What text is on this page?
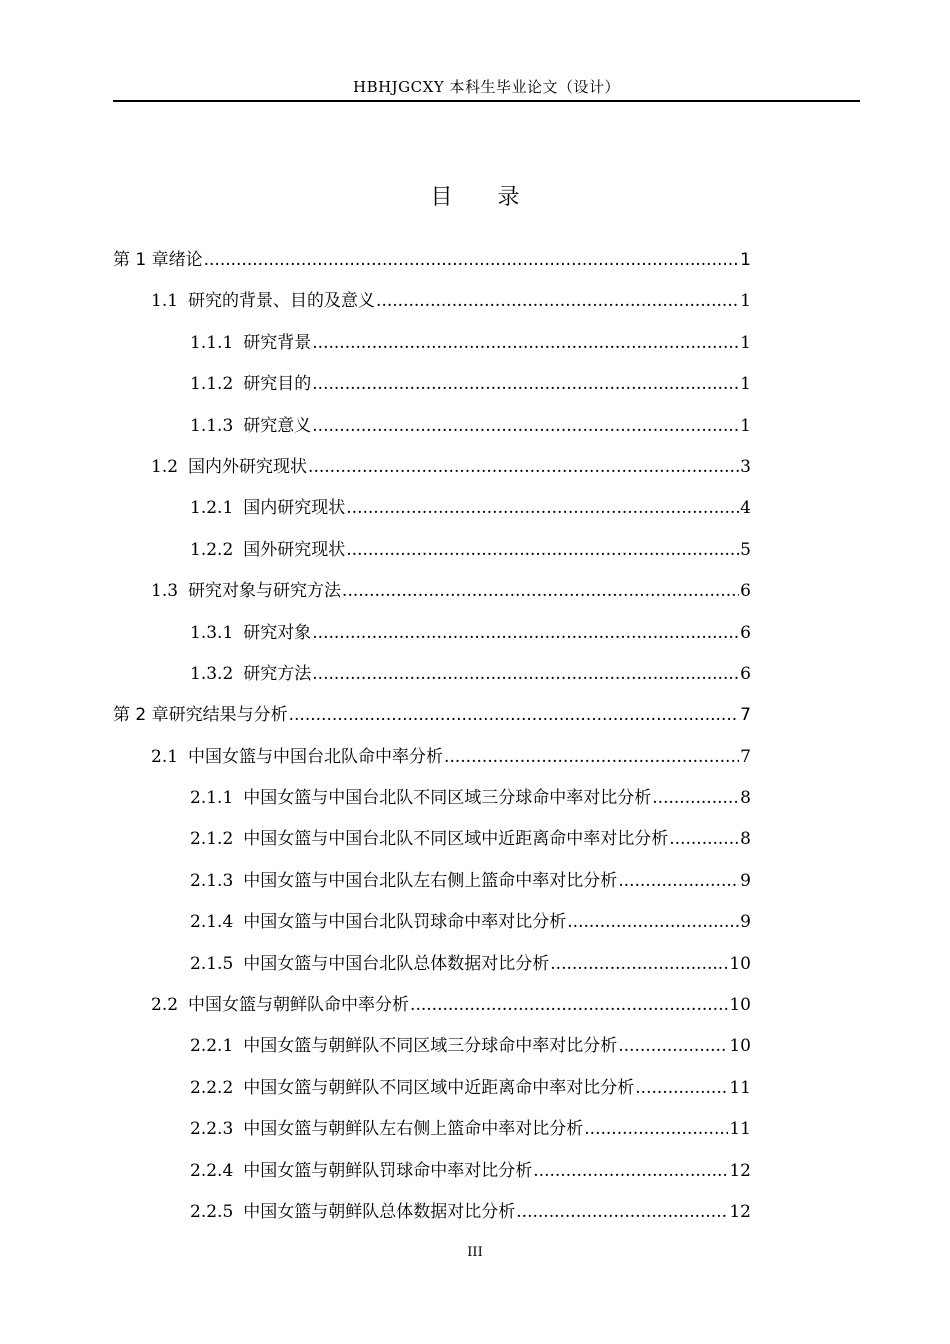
HBHJGCXY 本科生毕业论文（设计）
目录
第 1 章 绪论 .....	1
1.1 研究的背景、目的及意义 .....	1
1.1.1 研究背景 .....	1
1.1.2 研究目的 .....	1
1.1.3 研究意义 .....	1
1.2 国内外研究现状 .....	3
1.2.1 国内研究现状 .....	4
1.2.2 国外研究现状 .....	5
1.3 研究对象与研究方法 .....	6
1.3.1 研究对象 .....	6
1.3.2 研究方法 .....	6
第 2 章 研究结果与分析 .....	7
2.1 中国女篮与中国台北队命中率分析 .....	7
2.1.1 中国女篮与中国台北队不同区域三分球命中率对比分析 .....	8
2.1.2 中国女篮与中国台北队不同区域中近距离命中率对比分析 .....	8
2.1.3 中国女篮与中国台北队左右侧上篮命中率对比分析 .....	9
2.1.4 中国女篮与中国台北队罚球命中率对比分析 .....	9
2.1.5 中国女篮与中国台北队总体数据对比分析 .....	10
2.2 中国女篮与朝鲜队命中率分析 .....	10
2.2.1 中国女篮与朝鲜队不同区域三分球命中率对比分析 .....	10
2.2.2 中国女篮与朝鲜队不同区域中近距离命中率对比分析 .....	11
2.2.3 中国女篮与朝鲜队左右侧上篮命中率对比分析 .....	11
2.2.4 中国女篮与朝鲜队罚球命中率对比分析 .....	12
2.2.5 中国女篮与朝鲜队总体数据对比分析 .....	12
III
